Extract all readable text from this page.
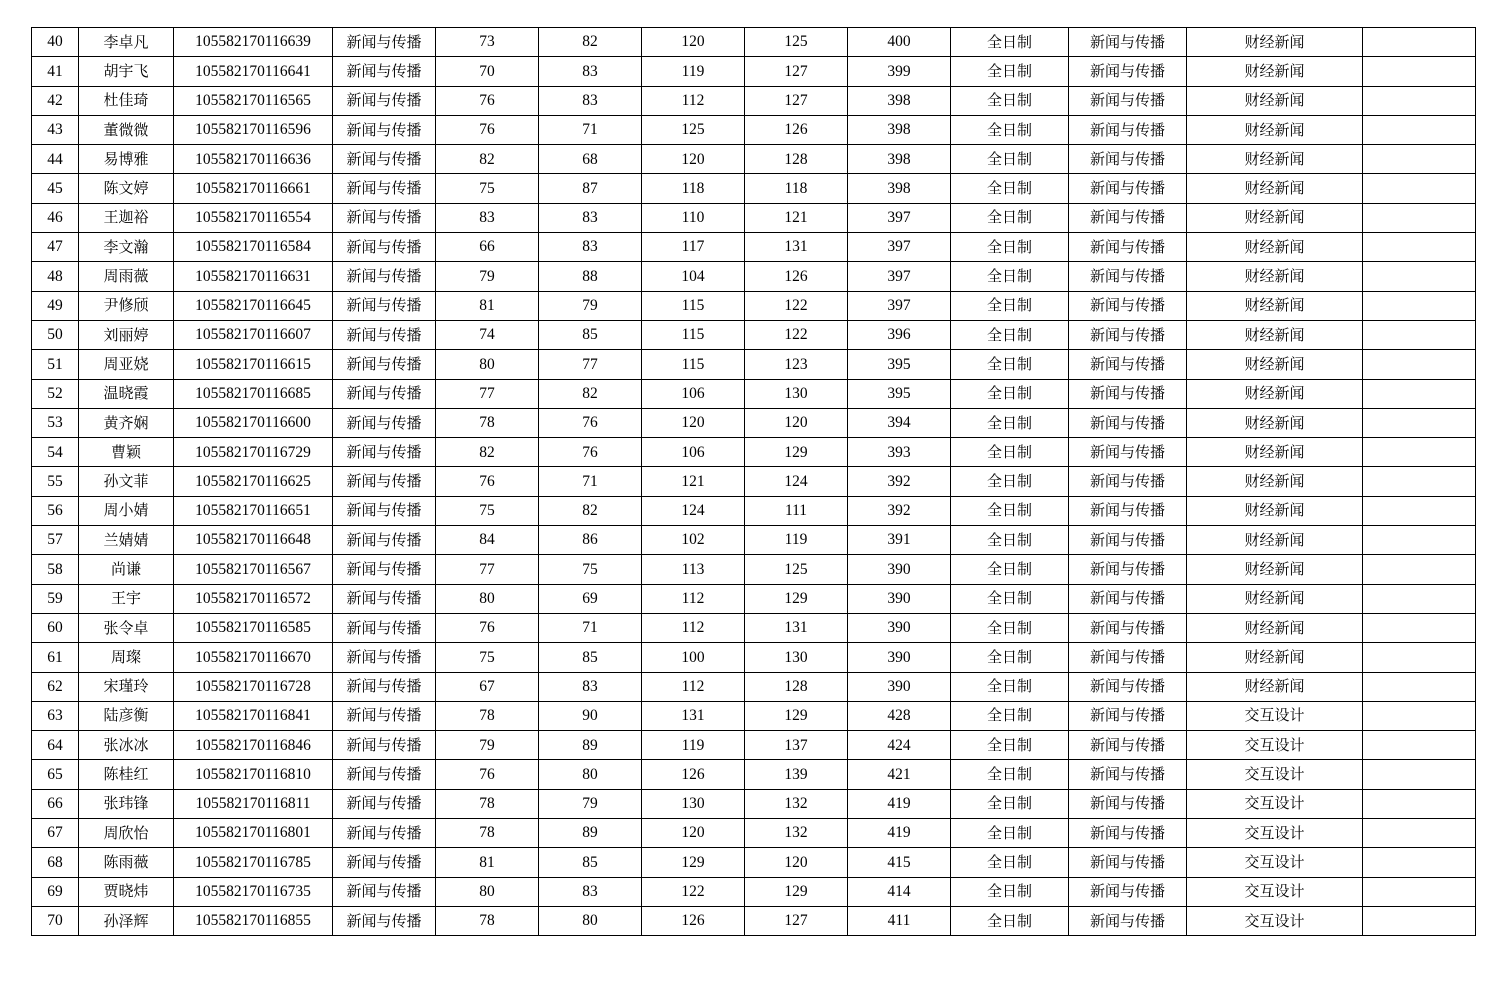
40	李卓凡	105582170116639	新闻与传播	73	82	120	125	400	全日制	新闻与传播	财经新闻	
41	胡宇飞	105582170116641	新闻与传播	70	83	119	127	399	全日制	新闻与传播	财经新闻	
42	杜佳琦	105582170116565	新闻与传播	76	83	112	127	398	全日制	新闻与传播	财经新闻	
43	董微微	105582170116596	新闻与传播	76	71	125	126	398	全日制	新闻与传播	财经新闻	
44	易博雅	105582170116636	新闻与传播	82	68	120	128	398	全日制	新闻与传播	财经新闻	
45	陈文婷	105582170116661	新闻与传播	75	87	118	118	398	全日制	新闻与传播	财经新闻	
46	王迦裕	105582170116554	新闻与传播	83	83	110	121	397	全日制	新闻与传播	财经新闻	
47	李文瀚	105582170116584	新闻与传播	66	83	117	131	397	全日制	新闻与传播	财经新闻	
48	周雨薇	105582170116631	新闻与传播	79	88	104	126	397	全日制	新闻与传播	财经新闻	
49	尹修颀	105582170116645	新闻与传播	81	79	115	122	397	全日制	新闻与传播	财经新闻	
50	刘丽婷	105582170116607	新闻与传播	74	85	115	122	396	全日制	新闻与传播	财经新闻	
51	周亚娆	105582170116615	新闻与传播	80	77	115	123	395	全日制	新闻与传播	财经新闻	
52	温晓霞	105582170116685	新闻与传播	77	82	106	130	395	全日制	新闻与传播	财经新闻	
53	黄齐娴	105582170116600	新闻与传播	78	76	120	120	394	全日制	新闻与传播	财经新闻	
54	曹颖	105582170116729	新闻与传播	82	76	106	129	393	全日制	新闻与传播	财经新闻	
55	孙文菲	105582170116625	新闻与传播	76	71	121	124	392	全日制	新闻与传播	财经新闻	
56	周小婧	105582170116651	新闻与传播	75	82	124	111	392	全日制	新闻与传播	财经新闻	
57	兰婧婧	105582170116648	新闻与传播	84	86	102	119	391	全日制	新闻与传播	财经新闻	
58	尚谦	105582170116567	新闻与传播	77	75	113	125	390	全日制	新闻与传播	财经新闻	
59	王宇	105582170116572	新闻与传播	80	69	112	129	390	全日制	新闻与传播	财经新闻	
60	张令卓	105582170116585	新闻与传播	76	71	112	131	390	全日制	新闻与传播	财经新闻	
61	周璨	105582170116670	新闻与传播	75	85	100	130	390	全日制	新闻与传播	财经新闻	
62	宋瑾玲	105582170116728	新闻与传播	67	83	112	128	390	全日制	新闻与传播	财经新闻	
63	陆彦衡	105582170116841	新闻与传播	78	90	131	129	428	全日制	新闻与传播	交互设计	
64	张冰冰	105582170116846	新闻与传播	79	89	119	137	424	全日制	新闻与传播	交互设计	
65	陈桂红	105582170116810	新闻与传播	76	80	126	139	421	全日制	新闻与传播	交互设计	
66	张玮锋	105582170116811	新闻与传播	78	79	130	132	419	全日制	新闻与传播	交互设计	
67	周欣怡	105582170116801	新闻与传播	78	89	120	132	419	全日制	新闻与传播	交互设计	
68	陈雨薇	105582170116785	新闻与传播	81	85	129	120	415	全日制	新闻与传播	交互设计	
69	贾晓炜	105582170116735	新闻与传播	80	83	122	129	414	全日制	新闻与传播	交互设计	
70	孙泽辉	105582170116855	新闻与传播	78	80	126	127	411	全日制	新闻与传播	交互设计	
